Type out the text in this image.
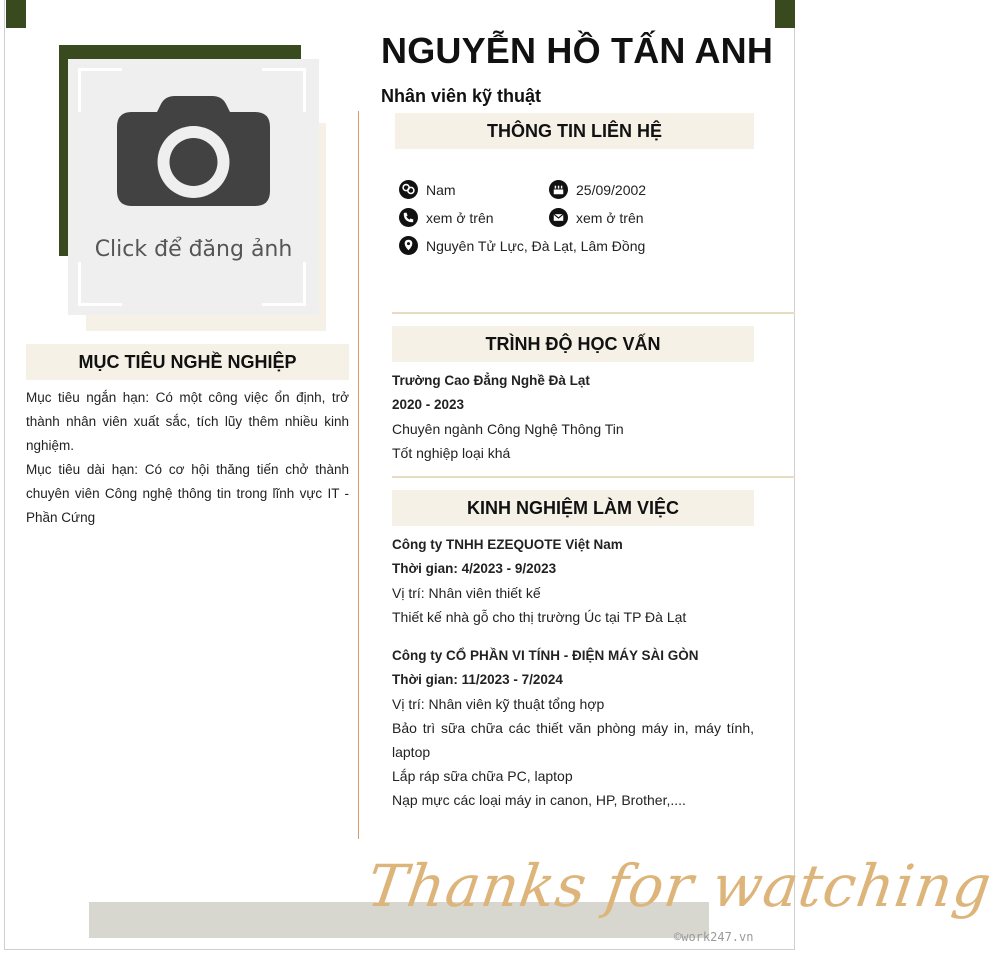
Click để đăng ảnh
MỤC TIÊU NGHỀ NGHIỆP

Mục tiêu ngắn hạn: Có một công việc ổn định, trở thành nhân viên xuất sắc, tích lũy thêm nhiều kinh nghiệm.

Mục tiêu dài hạn: Có cơ hội thăng tiến chở thành chuyên viên Công nghệ thông tin trong lĩnh vực IT - Phần Cứng

NGUYỄN HỒ TẤN ANH
Nhân viên kỹ thuật
THÔNG TIN LIÊN HỆ
Nam	25/09/2002
xem ở trên	xem ở trên
Nguyên Tử Lực, Đà Lạt, Lâm Đồng
TRÌNH ĐỘ HỌC VẤN
Trường Cao Đẳng Nghề Đà Lạt
2020 - 2023
Chuyên ngành Công Nghệ Thông Tin
Tốt nghiệp loại khá
KINH NGHIỆM LÀM VIỆC
Công ty TNHH EZEQUOTE Việt Nam
Thời gian: 4/2023 - 9/2023
Vị trí: Nhân viên thiết kế
Thiết kế nhà gỗ cho thị trường Úc tại TP Đà Lạt
Công ty CỔ PHẦN VI TÍNH - ĐIỆN MÁY SÀI GÒN
Thời gian: 11/2023 - 7/2024
Vị trí: Nhân viên kỹ thuật tổng hợp
Bảo trì sữa chữa các thiết văn phòng máy in, máy tính, laptop
Lắp ráp sữa chữa PC, laptop
Nạp mực các loại máy in canon, HP, Brother,....
Thanks for watching
©work247.vn
